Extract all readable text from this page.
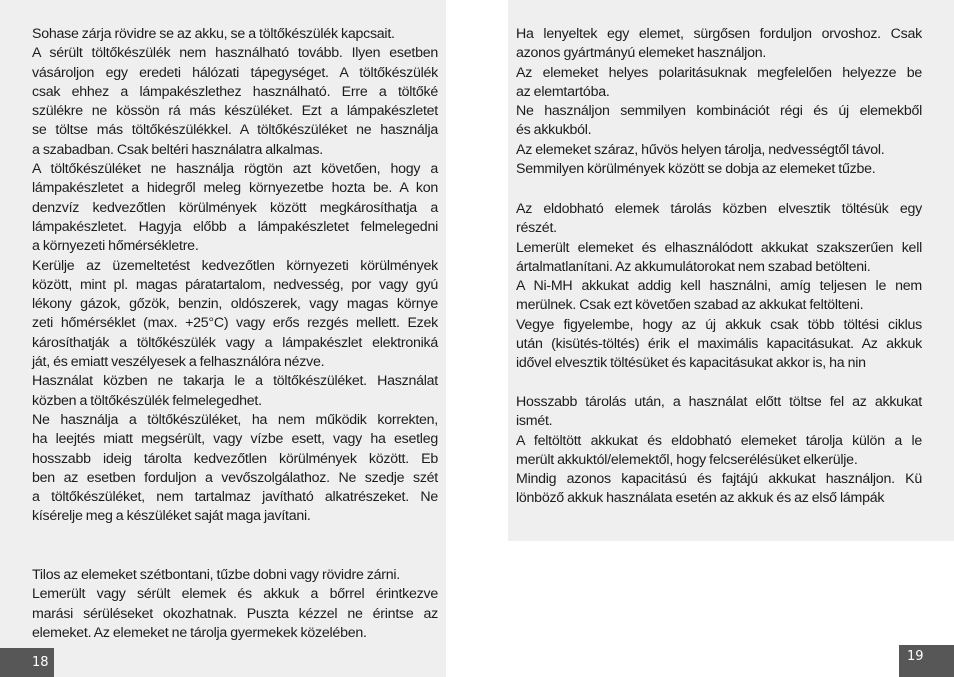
Sohase zárja rövidre se az akku, se a töltőkészülék kapcsait.
A sérült töltőkészülék nem használható tovább. Ilyen esetben
vásároljon egy eredeti hálózati tápegységet. A töltőkészülék
csak ehhez a lámpakészlethez használható. Erre a töltőké
szülékre ne kössön rá más készüléket. Ezt a lámpakészletet
se töltse más töltőkészülékkel. A töltőkészüléket ne használja
a szabadban. Csak beltéri használatra alkalmas.
A töltőkészüléket ne használja rögtön azt követően, hogy a
lámpakészletet a hidegről meleg környezetbe hozta be. A kon
denzvíz kedvezőtlen körülmények között megkárosíthatja a
lámpakészletet. Hagyja előbb a lámpakészletet felmelegedni
a környezeti hőmérsékletre.
Kerülje az üzemeltetést kedvezőtlen környezeti körülmények
között, mint pl. magas páratartalom, nedvesség, por vagy gyú
lékony gázok, gőzök, benzin, oldószerek, vagy magas környe
zeti hőmérséklet (max. +25°C) vagy erős rezgés mellett. Ezek
károsíthatják a töltőkészülék vagy a lámpakészlet elektroniká
ját, és emiatt veszélyesek a felhasználóra nézve.
Használat közben ne takarja le a töltőkészüléket. Használat
közben a töltőkészülék felmelegedhet.
Ne használja a töltőkészüléket, ha nem működik korrekten,
ha leejtés miatt megsérült, vagy vízbe esett, vagy ha esetleg
hosszabb ideig tárolta kedvezőtlen körülmények között. Eb
ben az esetben forduljon a vevőszolgálathoz. Ne szedje szét
a töltőkészüléket, nem tartalmaz javítható alkatrészeket. Ne
kísérelje meg a készüléket saját maga javítani.
Tilos az elemeket szétbontani, tűzbe dobni vagy rövidre zárni.
Lemerült vagy sérült elemek és akkuk a bőrrel érintkezve
marási sérüléseket okozhatnak. Puszta kézzel ne érintse az
elemeket. Az elemeket ne tárolja gyermekek közelében.
Ha lenyeltek egy elemet, sürgősen forduljon orvoshoz. Csak
azonos gyártmányú elemeket használjon.
Az elemeket helyes polaritásuknak megfelelően helyezze be
az elemtartóba.
Ne használjon semmilyen kombinációt régi és új elemekből
és akkukból.
Az elemeket száraz, hűvös helyen tárolja, nedvességtől távol.
Semmilyen körülmények között se dobja az elemeket tűzbe.
Az eldobható elemek tárolás közben elvesztik töltésük egy
részét.
Lemerült elemeket és elhasználódott akkukat szakszerűen kell
ártalmatlanítani. Az akkumulátorokat nem szabad betölteni.
A Ni-MH akkukat addig kell használni, amíg teljesen le nem
merülnek. Csak ezt követően szabad az akkukat feltölteni.
Vegye figyelembe, hogy az új akkuk csak több töltési ciklus
után (kisütés-töltés) érik el maximális kapacitásukat. Az akkuk
idővel elvesztik töltésüket és kapacitásukat akkor is, ha nin
Hosszabb tárolás után, a használat előtt töltse fel az akkukat
ismét.
A feltöltött akkukat és eldobható elemeket tárolja külön a le
merült akkuktól/elemektől, hogy felcserélésüket elkerülje.
Mindig azonos kapacitású és fajtájú akkukat használjon. Kü
lönböző akkuk használata esetén az akkuk és az első lámpák
18	19
